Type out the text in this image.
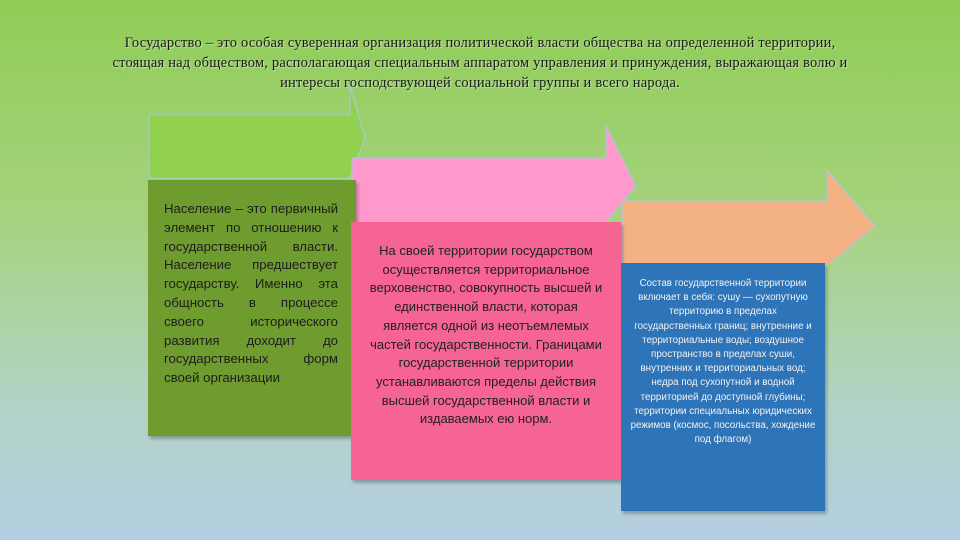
Государство – это особая суверенная организация политической власти общества на определенной территории, стоящая над обществом, располагающая специальным аппаратом управления и принуждения, выражающая волю и интересы господствующей социальной группы и всего народа.
Население – это первичный элемент по отношению к государственной власти. Население предшествует государству. Именно эта общность в процессе своего исторического развития доходит до государственных форм своей организации
На своей территории государством осуществляется территориальное верховенство, совокупность высшей и единственной власти, которая является одной из неотъемлемых частей государственности. Границами государственной территории устанавливаются пределы действия высшей государственной власти и издаваемых ею норм.
Состав государственной территории включает в себя: сушу — сухопутную территорию в пределах государственных границ; внутренние и территориальные воды; воздушное пространство в пределах суши, внутренних и территориальных вод; недра под сухопутной и водной территорией до доступной глубины; территории специальных юридических режимов (космос, посольства, хождение под флагом)
